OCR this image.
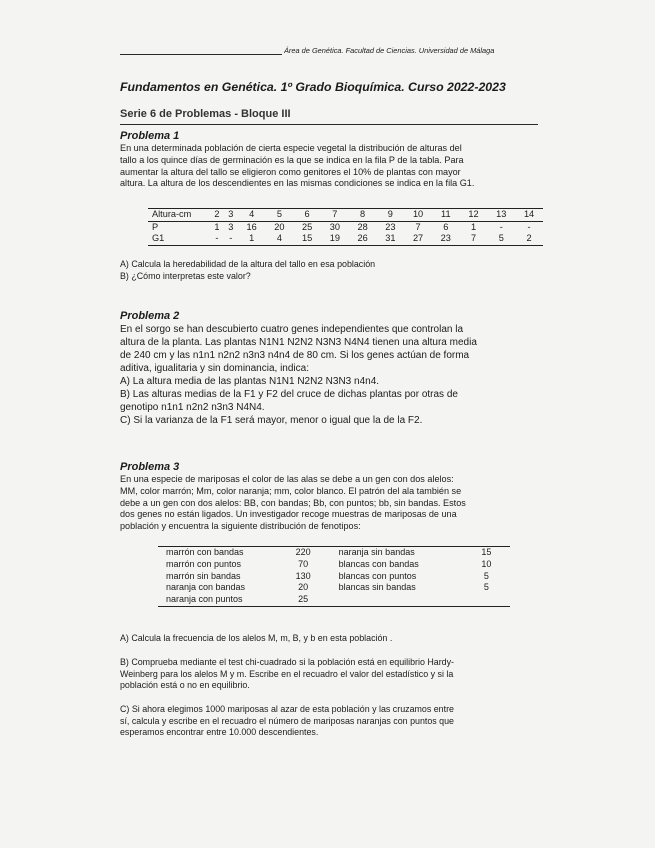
Área de Genética. Facultad de Ciencias. Universidad de Málaga
Fundamentos en Genética. 1º Grado Bioquímica. Curso 2022-2023
Serie 6 de Problemas - Bloque III
Problema 1
En una determinada población de cierta especie vegetal la distribución de alturas del
tallo a los quince días de germinación es la que se indica en la fila P de la tabla. Para
aumentar la altura del tallo se eligieron como genitores el 10% de plantas con mayor
altura. La altura de los descendientes en las mismas condiciones se indica en la fila G1.
Altura-cm	2	3	4	5	6	7	8	9	10	11	12	13	14
P	1	3	16	20	25	30	28	23	7	6	1	-	-
G1	-	-	1	4	15	19	26	31	27	23	7	5	2
A) Calcula la heredabilidad de la altura del tallo en esa población
B) ¿Cómo interpretas este valor?
Problema 2
En el sorgo se han descubierto cuatro genes independientes que controlan la
altura de la planta. Las plantas N1N1 N2N2 N3N3 N4N4 tienen una altura media
de 240 cm y las n1n1 n2n2 n3n3 n4n4 de 80 cm. Si los genes actúan de forma
aditiva, igualitaria y sin dominancia, indica:
A) La altura media de las plantas N1N1 N2N2 N3N3 n4n4.
B) Las alturas medias de la F1 y F2 del cruce de dichas plantas por otras de
genotipo n1n1 n2n2 n3n3 N4N4.
C) Si la varianza de la F1 será mayor, menor o igual que la de la F2.
Problema 3
En una especie de mariposas el color de las alas se debe a un gen con dos alelos:
MM, color marrón; Mm, color naranja; mm, color blanco. El patrón del ala también se
debe a un gen con dos alelos: BB, con bandas; Bb, con puntos; bb, sin bandas. Estos
dos genes no están ligados. Un investigador recoge muestras de mariposas de una
población y encuentra la siguiente distribución de fenotipos:
marrón con bandas	220	naranja sin bandas	15
marrón con puntos	70	blancas con bandas	10
marrón sin bandas	130	blancas con puntos	5
naranja con bandas	20	blancas sin bandas	5
naranja con puntos	25		
A) Calcula la frecuencia de los alelos M, m, B, y b en esta población .
B) Comprueba mediante el test chi-cuadrado si la población está en equilibrio Hardy-
Weinberg para los alelos M y m. Escribe en el recuadro el valor del estadístico y si la
población está o no en equilibrio.
C) Si ahora elegimos 1000 mariposas al azar de esta población y las cruzamos entre
sí, calcula y escribe en el recuadro el número de mariposas naranjas con puntos que
esperamos encontrar entre 10.000 descendientes.
